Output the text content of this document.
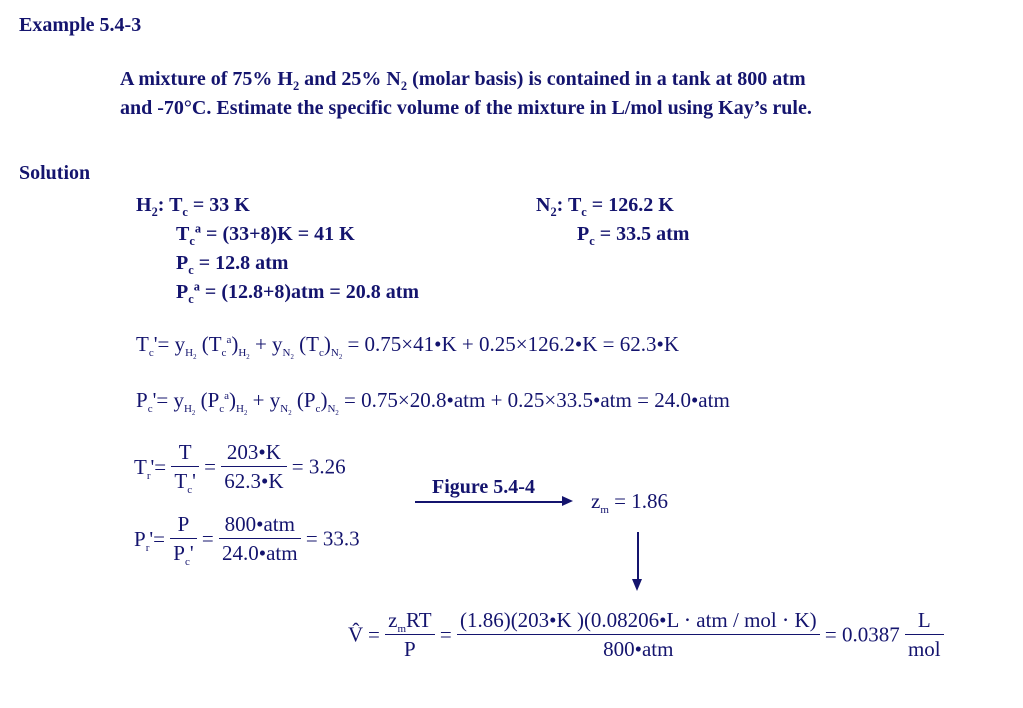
Example 5.4-3
A mixture of 75% $H_2$ and 25% $N_2$ (molar basis) is contained in a tank at 800 atm
and -70°C. Estimate the specific volume of the mixture in L/mol using Kay’s rule.
Solution
$H_2$: $T_c = 33$ K
$T_c^a = (33+8)K = 41$ K
$P_c = 12.8$ atm
$P_c^a = (12.8+8)atm = 20.8$ atm
$N_2$: $T_c = 126.2$ K
$P_c = 33.5$ atm
$T_c'= y_{H_2}$ $(T_c^a)_{H_2} + y_{N_2}$ $(T_c)_{N_2}$ = 0.75×41•K + 0.25×126.2•K = 62.3•K
$P_c'= y_{H_2}$ $(P_c^a)_{H_2} + y_{N_2}$ $(P_c)_{N_2}$ = 0.75×20.8•atm + 0.25×33.5•atm = 24.0•atm
$T_r'= \frac{T}{T_c'} = \frac{203•K}{62.3•K} = 3.26$
$P_r'= \frac{P}{P_c'} = \frac{\text{800•atm}}{\text{24.0•atm}} = 33.3$
Figure 5.4-4
$z_m = 1.86$
V̂ = $\frac{z_mRT}{P} = \frac{\text{(1.86)(203•K )(0.08206•L ⋅ atm / mol ⋅ K)}}{\text{800•atm}} = 0.0387 \frac{L}{\text{mol}}$
